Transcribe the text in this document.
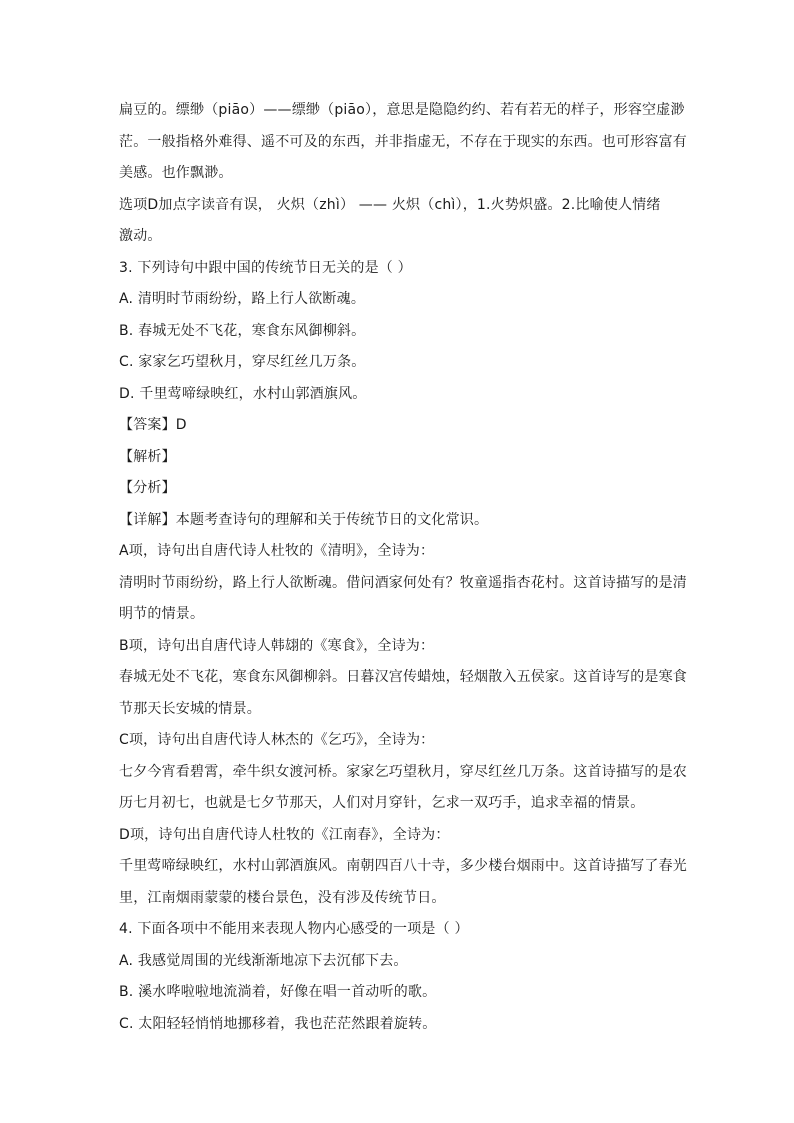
扁豆的。缥缈（piāo）——缥缈（piāo），意思是隐隐约约、若有若无的样子，形容空虚渺
茫。一般指格外难得、遥不可及的东西，并非指虚无，不存在于现实的东西。也可形容富有
美感。也作飘渺。
选项D加点字读音有误， 火炽（zhì） —— 火炽（chì），1.火势炽盛。2.比喻使人情绪
激动。
3. 下列诗句中跟中国的传统节日无关的是（ ）
A. 清明时节雨纷纷，路上行人欲断魂。
B. 春城无处不飞花，寒食东风御柳斜。
C. 家家乞巧望秋月，穿尽红丝几万条。
D. 千里莺啼绿映红，水村山郭酒旗风。
【答案】D
【解析】
【分析】
【详解】本题考查诗句的理解和关于传统节日的文化常识。
A项，诗句出自唐代诗人杜牧的《清明》，全诗为：
清明时节雨纷纷，路上行人欲断魂。借问酒家何处有？牧童遥指杏花村。这首诗描写的是清
明节的情景。
B项，诗句出自唐代诗人韩翃的《寒食》，全诗为：
春城无处不飞花，寒食东风御柳斜。日暮汉宫传蜡烛，轻烟散入五侯家。这首诗写的是寒食
节那天长安城的情景。
C项，诗句出自唐代诗人林杰的《乞巧》，全诗为：
七夕今宵看碧霄，牵牛织女渡河桥。家家乞巧望秋月，穿尽红丝几万条。这首诗描写的是农
历七月初七，也就是七夕节那天，人们对月穿针，乞求一双巧手，追求幸福的情景。
D项，诗句出自唐代诗人杜牧的《江南春》，全诗为：
千里莺啼绿映红，水村山郭酒旗风。南朝四百八十寺，多少楼台烟雨中。这首诗描写了春光
里，江南烟雨蒙蒙的楼台景色，没有涉及传统节日。
4. 下面各项中不能用来表现人物内心感受的一项是（ ）
A. 我感觉周围的光线渐渐地凉下去沉郁下去。
B. 溪水哗啦啦地流淌着，好像在唱一首动听的歌。
C. 太阳轻轻悄悄地挪移着，我也茫茫然跟着旋转。
